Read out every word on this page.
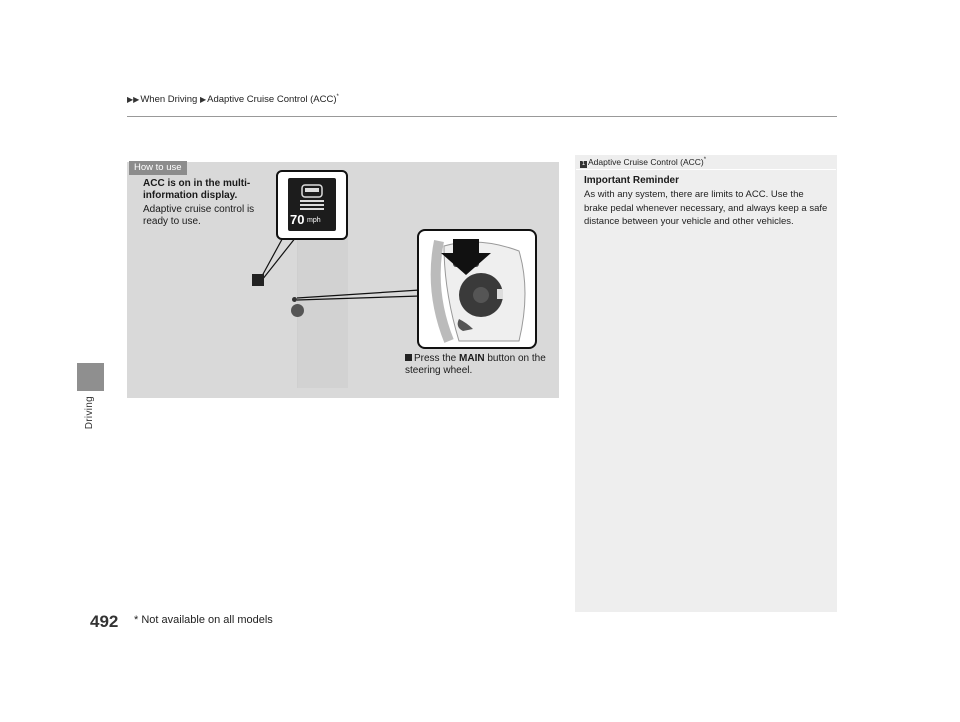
▶▶When Driving ▶Adaptive Cruise Control (ACC)*
Driving
492 * Not available on all models
How to use
ACC is on in the multi-information display.
Adaptive cruise control is ready to use.	70 mph
Press the MAIN button on the steering wheel.
1 Adaptive Cruise Control (ACC)*
Important Reminder
As with any system, there are limits to ACC. Use the brake pedal whenever necessary, and always keep a safe distance between your vehicle and other vehicles.
